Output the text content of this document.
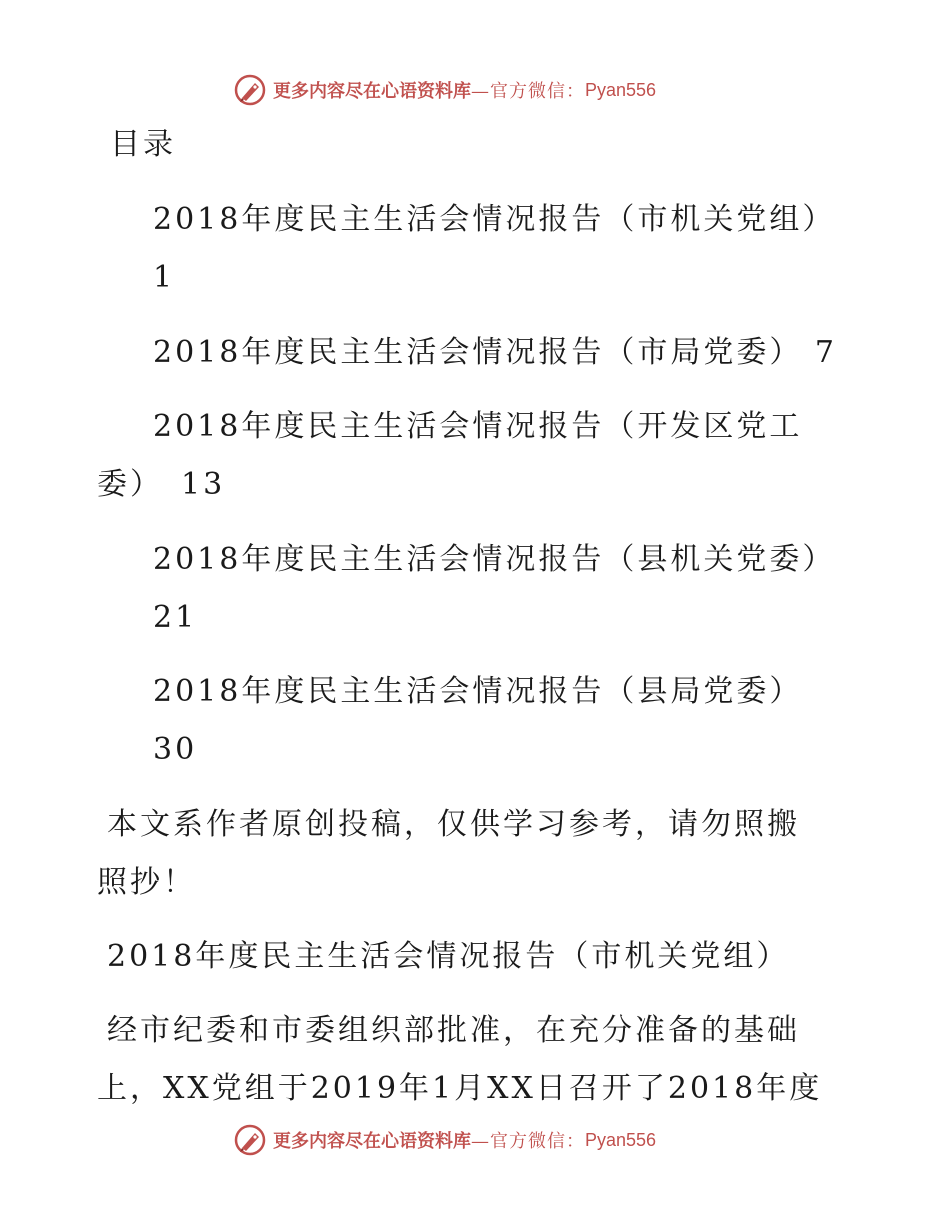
更多内容尽在心语资料库 —官方微信： Pyan556

目录

2018年度民主生活会情况报告（市机关党组）

1

2018年度民主生活会情况报告（市局党委） 7

2018年度民主生活会情况报告（开发区党工

委）　13

2018年度民主生活会情况报告（县机关党委）

21

2018年度民主生活会情况报告（县局党委）

30

本文系作者原创投稿，仅供学习参考，请勿照搬

照抄！

2018年度民主生活会情况报告（市机关党组）

经市纪委和市委组织部批准，在充分准备的基础

上，XX党组于2019年1月XX日召开了2018年度

更多内容尽在心语资料库 —官方微信： Pyan556
